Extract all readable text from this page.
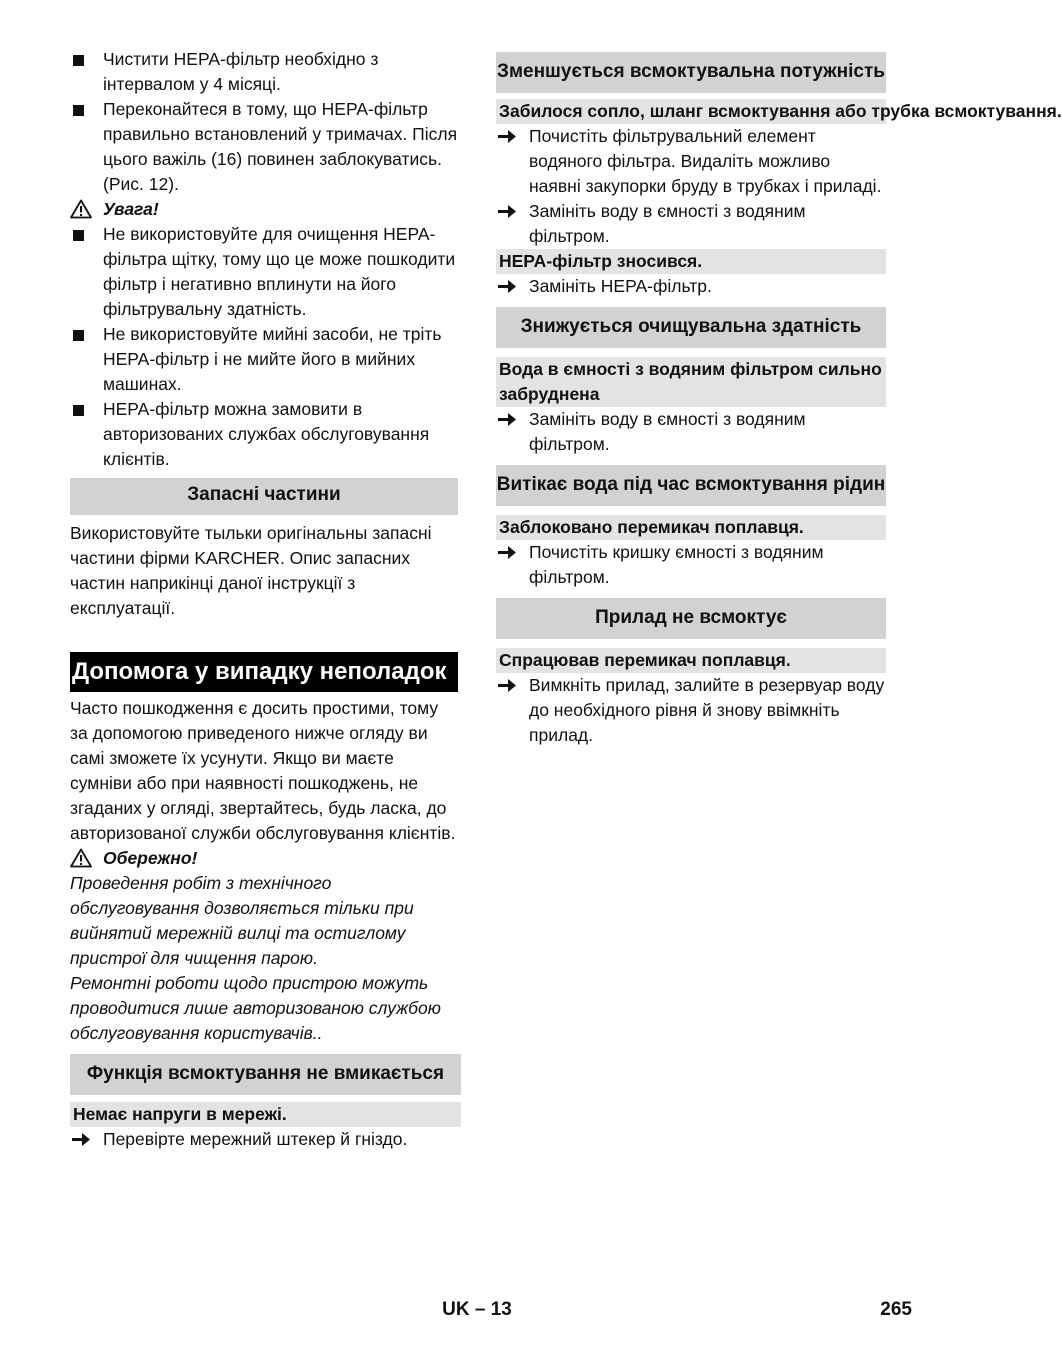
Чистити HEPA-фільтр необхідно з інтервалом у 4 місяці.
Переконайтеся в тому, що HEPA-фільтр правильно встановлений у тримачах. Після цього важіль (16) повинен заблокуватись. (Рис. 12).
Увага!
Не використовуйте для очищення HEPA-фільтра щітку, тому що це може пошкодити фільтр і негативно вплинути на його фільтрувальну здатність.
Не використовуйте мийні засоби, не тріть HEPA-фільтр і не мийте його в мийних машинах.
HEPA-фільтр можна замовити в авторизованих службах обслуговування клієнтів.
Запасні частини
Використовуйте тыльки оригінальны запасні частини фірми KARCHER. Опис запасних частин наприкінці даної інструкції з експлуатації.
Допомога у випадку неполадок
Часто пошкодження є досить простими, тому за допомогою приведеного нижче огляду ви самі зможете їх усунути. Якщо ви маєте сумніви або при наявності пошкоджень, не згаданих у огляді, звертайтесь, будь ласка, до авторизованої служби обслуговування клієнтів.
Обережно!
Проведення робіт з технічного обслуговування дозволяється тільки при вийнятий мережній вилці та остиглому пристрої для чищення парою.
Ремонтні роботи щодо пристрою можуть проводитися лише авторизованою службою обслуговування користувачів..
Функція всмоктування не вмикається
Немає напруги в мережі.
Перевірте мережний штекер й гніздо.
Зменшується всмоктувальна потужність
Забилося сопло, шланг всмоктування або трубка всмоктування.
Почистіть фільтрувальний елемент водяного фільтра. Видаліть можливо наявні закупорки бруду в трубках і приладі.
Замініть воду в ємності з водяним фільтром.
HEPA-фільтр зносився.
Замініть HEPA-фільтр.
Знижується очищувальна здатність
Вода в ємності з водяним фільтром сильно забруднена
Замініть воду в ємності з водяним фільтром.
Витікає вода під час всмоктування рідин
Заблоковано перемикач поплавця.
Почистіть кришку ємності з водяним фільтром.
Прилад не всмоктує
Спрацював перемикач поплавця.
Вимкніть прилад, залийте в резервуар воду до необхідного рівня й знову ввімкніть прилад.
UK – 13	265
